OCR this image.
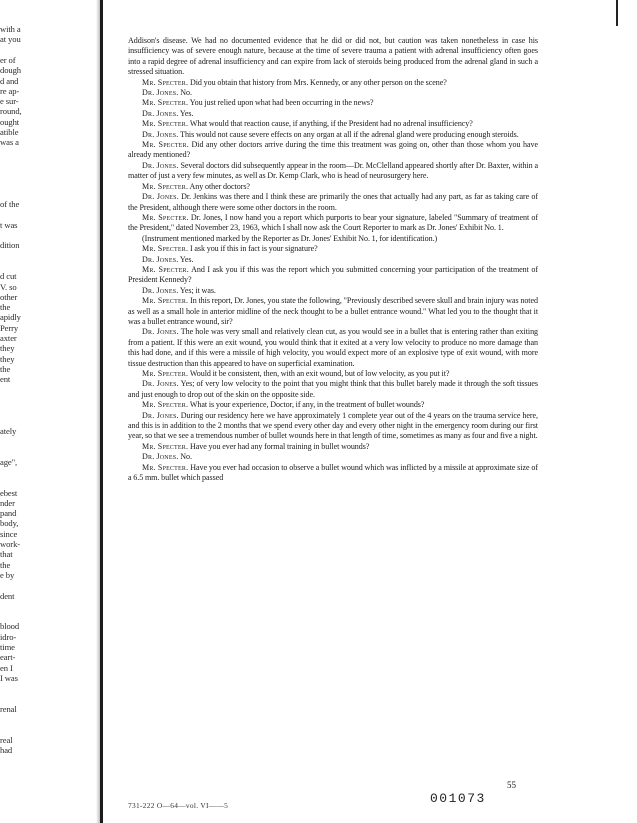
with a
at you
er of
dough
d and
re ap-
e sur-
round,
ought
atible
was a
of the
t was
dition
d cut
V. so
other
the
apidly
Perry
axter
they
they
the
ent
ately
age",
ebest
nder
pand
body,
since
work-
that
the
e by
dent
blood
idro-
time
eart-
en I
I was
renal
real
had

Addison's disease. We had no documented evidence that he did or did not, but caution was taken nonetheless in case his insufficiency was of severe enough nature, because at the time of severe trauma a patient with adrenal insufficiency often goes into a rapid degree of adrenal insufficiency and can expire from lack of steroids being produced from the adrenal gland in such a stressed situation.

Mr. Specter. Did you obtain that history from Mrs. Kennedy, or any other person on the scene?

Dr. Jones. No.

Mr. Specter. You just relied upon what had been occurring in the news?

Dr. Jones. Yes.

Mr. Specter. What would that reaction cause, if anything, if the President had no adrenal insufficiency?

Dr. Jones. This would not cause severe effects on any organ at all if the adrenal gland were producing enough steroids.

Mr. Specter. Did any other doctors arrive during the time this treatment was going on, other than those whom you have already mentioned?

Dr. Jones. Several doctors did subsequently appear in the room—Dr. McClelland appeared shortly after Dr. Baxter, within a matter of just a very few minutes, as well as Dr. Kemp Clark, who is head of neurosurgery here.

Mr. Specter. Any other doctors?

Dr. Jones. Dr. Jenkins was there and I think these are primarily the ones that actually had any part, as far as taking care of the President, although there were some other doctors in the room.

Mr. Specter. Dr. Jones, I now hand you a report which purports to bear your signature, labeled "Summary of treatment of the President," dated November 23, 1963, which I shall now ask the Court Reporter to mark as Dr. Jones' Exhibit No. 1.

(Instrument mentioned marked by the Reporter as Dr. Jones' Exhibit No. 1, for identification.)

Mr. Specter. I ask you if this in fact is your signature?

Dr. Jones. Yes.

Mr. Specter. And I ask you if this was the report which you submitted concerning your participation of the treatment of President Kennedy?

Dr. Jones. Yes; it was.

Mr. Specter. In this report, Dr. Jones, you state the following, "Previously described severe skull and brain injury was noted as well as a small hole in anterior midline of the neck thought to be a bullet entrance wound." What led you to the thought that it was a bullet entrance wound, sir?

Dr. Jones. The hole was very small and relatively clean cut, as you would see in a bullet that is entering rather than exiting from a patient. If this were an exit wound, you would think that it exited at a very low velocity to produce no more damage than this had done, and if this were a missile of high velocity, you would expect more of an explosive type of exit wound, with more tissue destruction than this appeared to have on superficial examination.

Mr. Specter. Would it be consistent, then, with an exit wound, but of low velocity, as you put it?

Dr. Jones. Yes; of very low velocity to the point that you might think that this bullet barely made it through the soft tissues and just enough to drop out of the skin on the opposite side.

Mr. Specter. What is your experience, Doctor, if any, in the treatment of bullet wounds?

Dr. Jones. During our residency here we have approximately 1 complete year out of the 4 years on the trauma service here, and this is in addition to the 2 months that we spend every other day and every other night in the emergency room during our first year, so that we see a tremendous number of bullet wounds here in that length of time, sometimes as many as four and five a night.

Mr. Specter. Have you ever had any formal training in bullet wounds?

Dr. Jones. No.

Mr. Specter. Have you ever had occasion to observe a bullet wound which was inflicted by a missile at approximate size of a 6.5 mm. bullet which passed

55
001073
731-222 O—64—vol. VI——5
